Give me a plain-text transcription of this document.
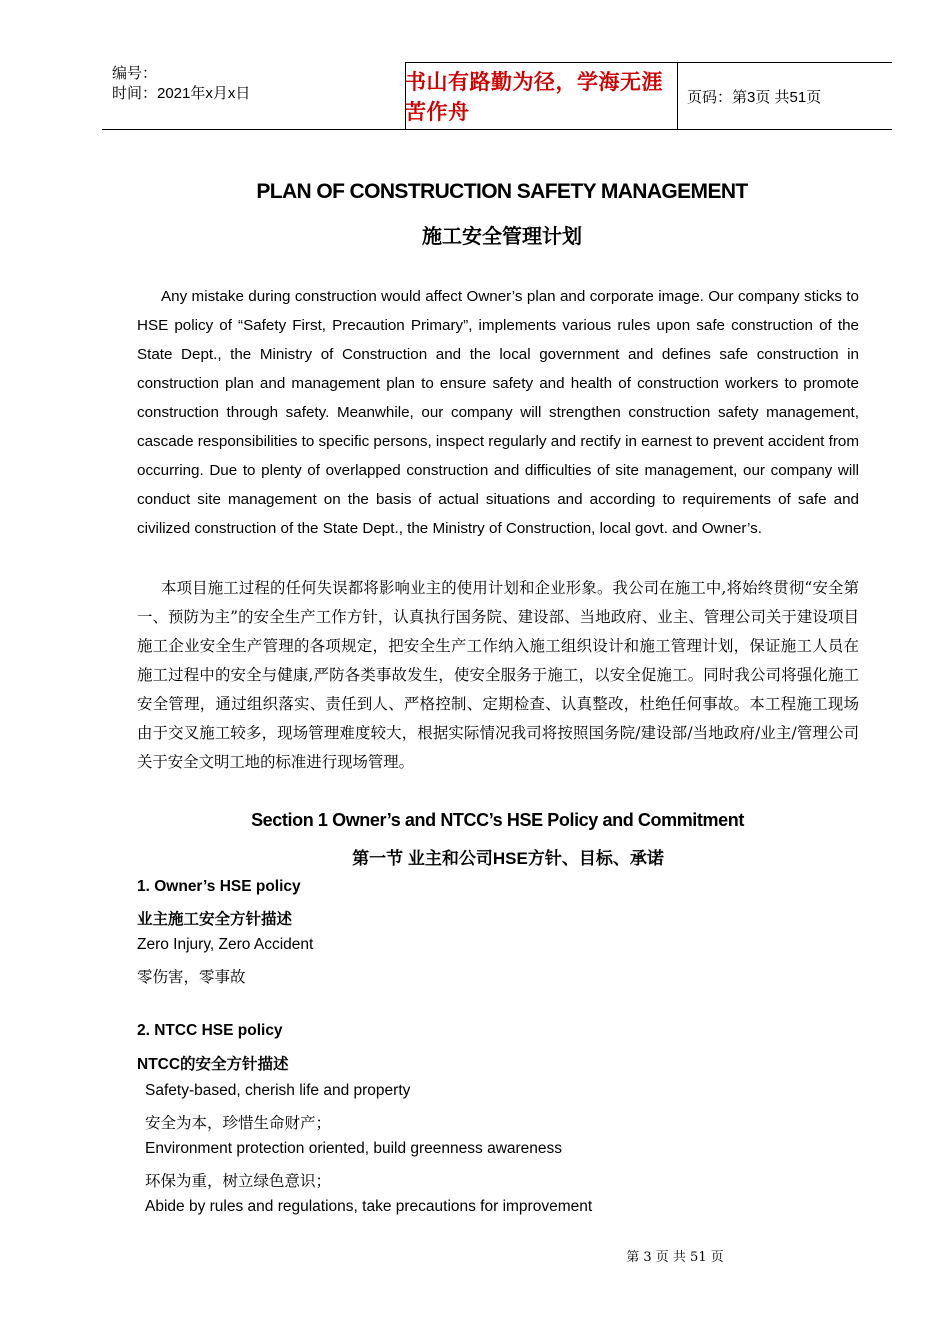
编号：
时间：2021年x月x日	书山有路勤为径，学海无涯苦作舟
页码：第3页 共51页
PLAN OF CONSTRUCTION SAFETY MANAGEMENT
施工安全管理计划
Any mistake during construction would affect Owner’s plan and corporate image. Our company sticks to HSE policy of “Safety First, Precaution Primary”, implements various rules upon safe construction of the State Dept., the Ministry of Construction and the local government and defines safe construction in construction plan and management plan to ensure safety and health of construction workers to promote construction through safety. Meanwhile, our company will strengthen construction safety management, cascade responsibilities to specific persons, inspect regularly and rectify in earnest to prevent accident from occurring. Due to plenty of overlapped construction and difficulties of site management, our company will conduct site management on the basis of actual situations and according to requirements of safe and civilized construction of the State Dept., the Ministry of Construction, local govt. and Owner’s.
本项目施工过程的任何失误都将影响业主的使用计划和企业形象。我公司在施工中,将始终贯彻“安全第一、预防为主”的安全生产工作方针，认真执行国务院、建设部、当地政府、业主、管理公司关于建设项目施工企业安全生产管理的各项规定，把安全生产工作纳入施工组织设计和施工管理计划，保证施工人员在施工过程中的安全与健康,严防各类事故发生，使安全服务于施工，以安全促施工。同时我公司将强化施工安全管理，通过组织落实、责任到人、严格控制、定期检查、认真整改，杜绝任何事故。本工程施工现场由于交叉施工较多，现场管理难度较大，根据实际情况我司将按照国务院/建设部/当地政府/业主/管理公司关于安全文明工地的标准进行现场管理。
Section 1 Owner’s and NTCC’s HSE Policy and Commitment
第一节 业主和公司HSE方针、目标、承诺
1. Owner’s HSE policy
业主施工安全方针描述
Zero Injury, Zero Accident
零伤害，零事故
2. NTCC HSE policy
NTCC的安全方针描述
Safety-based, cherish life and property
安全为本，珍惜生命财产；
Environment protection oriented, build greenness awareness
环保为重，树立绿色意识；
Abide by rules and regulations, take precautions for improvement
第 3 页 共 51 页
